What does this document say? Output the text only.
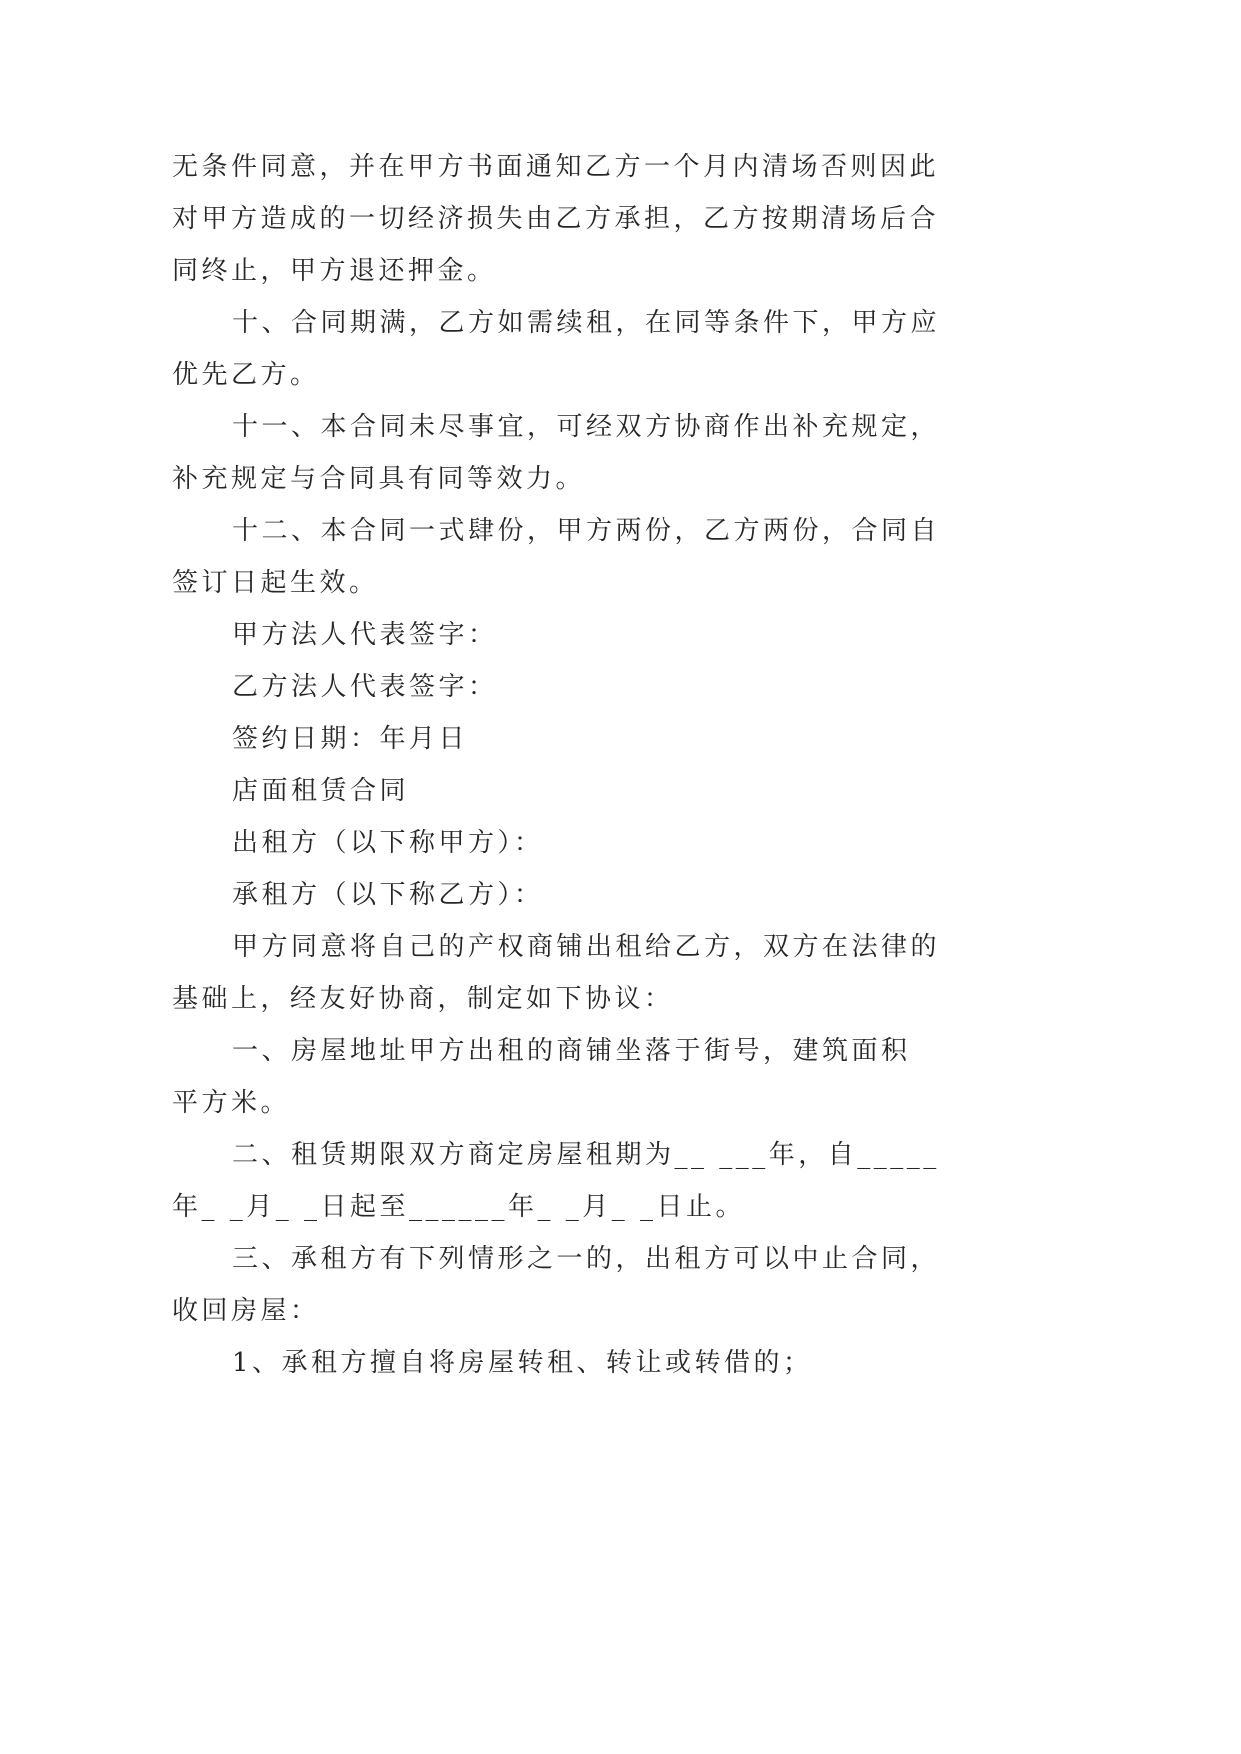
无条件同意，并在甲方书面通知乙方一个月内清场否则因此
对甲方造成的一切经济损失由乙方承担，乙方按期清场后合
同终止，甲方退还押金。
十、合同期满，乙方如需续租，在同等条件下，甲方应
优先乙方。
十一、本合同未尽事宜，可经双方协商作出补充规定，
补充规定与合同具有同等效力。
十二、本合同一式肆份，甲方两份，乙方两份，合同自
签订日起生效。
甲方法人代表签字：
乙方法人代表签字：
签约日期：年月日
店面租赁合同
出租方（以下称甲方）：
承租方（以下称乙方）：
甲方同意将自己的产权商铺出租给乙方，双方在法律的
基础上，经友好协商，制定如下协议：
一、房屋地址甲方出租的商铺坐落于街号，建筑面积
平方米。
二、租赁期限双方商定房屋租期为__ ___年，自_____
年_ _月_ _日起至______年_ _月_ _日止。
三、承租方有下列情形之一的，出租方可以中止合同，
收回房屋：
1、承租方擅自将房屋转租、转让或转借的；
